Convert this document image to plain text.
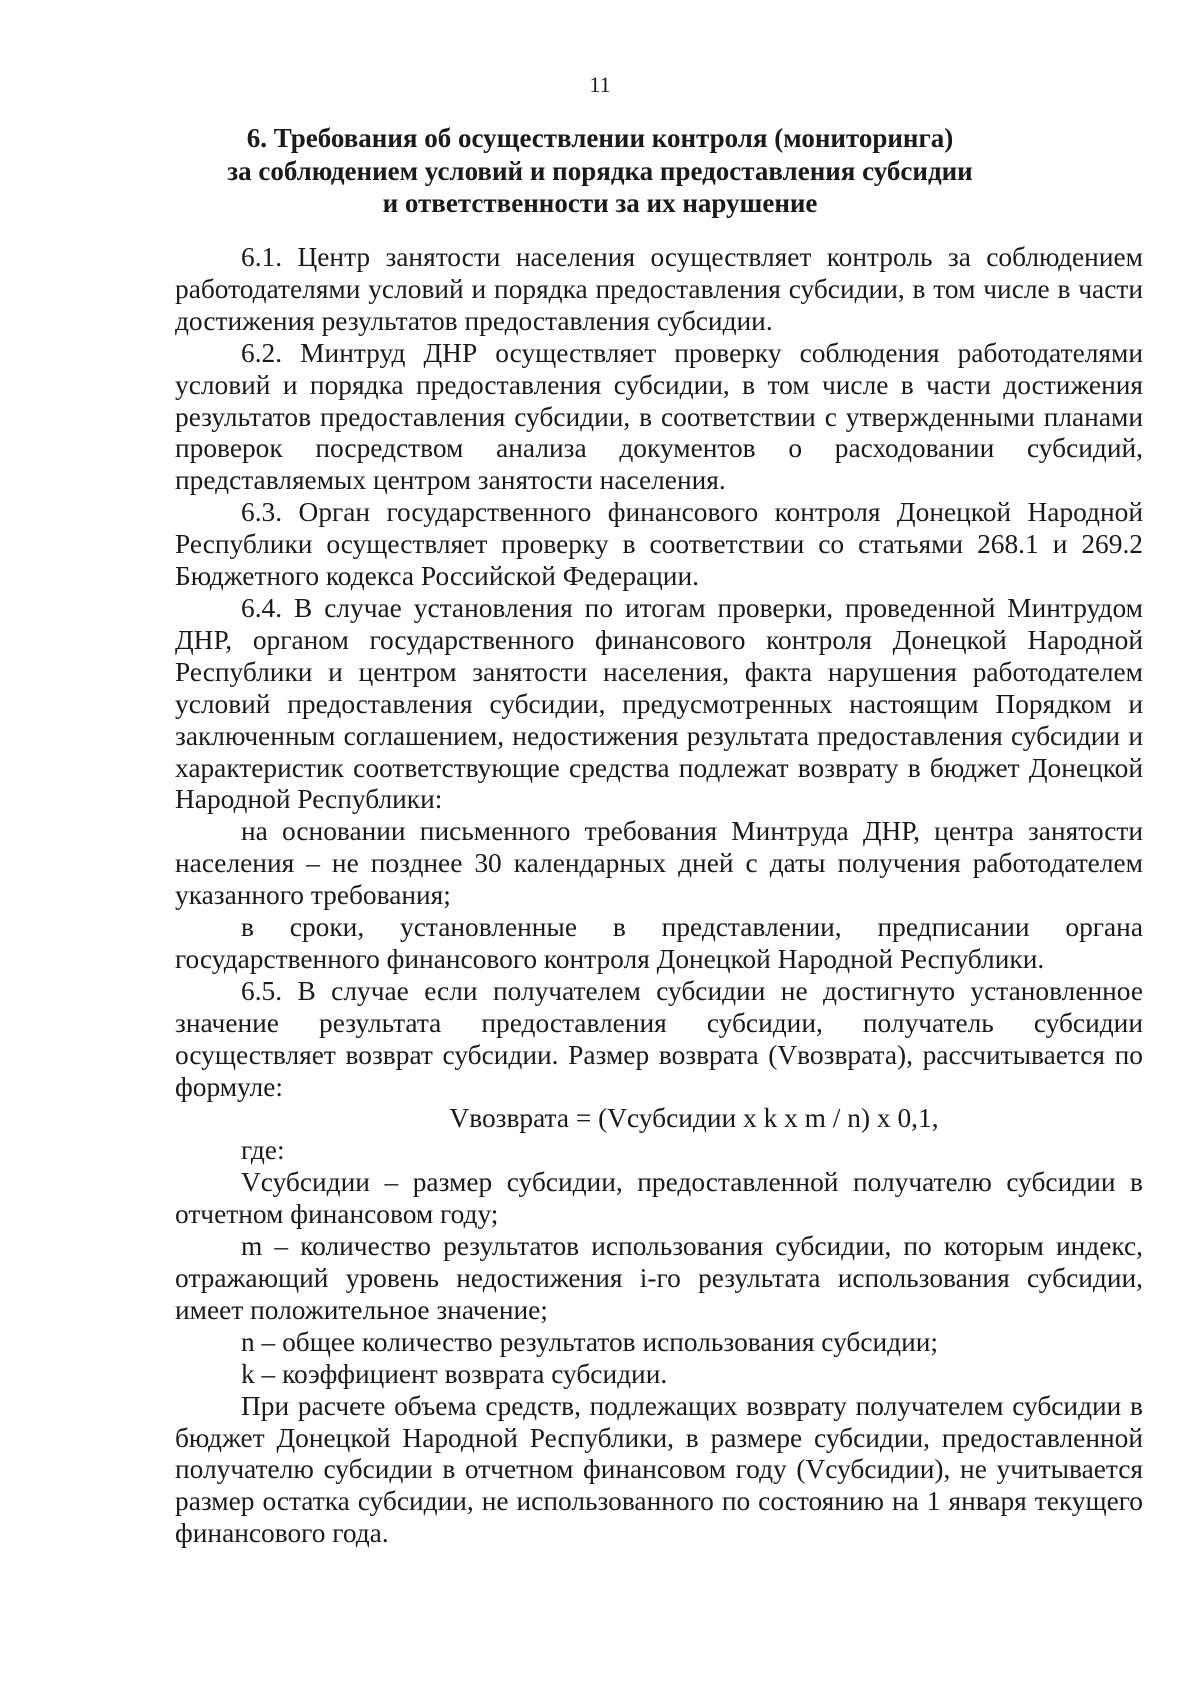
11
6. Требования об осуществлении контроля (мониторинга)
за соблюдением условий и порядка предоставления субсидии
и ответственности за их нарушение

6.1. Центр занятости населения осуществляет контроль за соблюдением работодателями условий и порядка предоставления субсидии, в том числе в части достижения результатов предоставления субсидии.

6.2. Минтруд ДНР осуществляет проверку соблюдения работодателями условий и порядка предоставления субсидии, в том числе в части достижения результатов предоставления субсидии, в соответствии с утвержденными планами проверок посредством анализа документов о расходовании субсидий, представляемых центром занятости населения.

6.3. Орган государственного финансового контроля Донецкой Народной Республики осуществляет проверку в соответствии со статьями 268.1 и 269.2 Бюджетного кодекса Российской Федерации.

6.4. В случае установления по итогам проверки, проведенной Минтрудом ДНР, органом государственного финансового контроля Донецкой Народной Республики и центром занятости населения, факта нарушения работодателем условий предоставления субсидии, предусмотренных настоящим Порядком и заключенным соглашением, недостижения результата предоставления субсидии и характеристик соответствующие средства подлежат возврату в бюджет Донецкой Народной Республики:

на основании письменного требования Минтруда ДНР, центра занятости населения – не позднее 30 календарных дней с даты получения работодателем указанного требования;

в сроки, установленные в представлении, предписании органа государственного финансового контроля Донецкой Народной Республики.

6.5. В случае если получателем субсидии не достигнуто установленное значение результата предоставления субсидии, получатель субсидии осуществляет возврат субсидии. Размер возврата (Vвозврата), рассчитывается по формуле:

Vвозврата = (Vсубсидии x k x m / n) x 0,1,

где:

Vсубсидии – размер субсидии, предоставленной получателю субсидии в отчетном финансовом году;

m – количество результатов использования субсидии, по которым индекс, отражающий уровень недостижения i-го результата использования субсидии, имеет положительное значение;

n – общее количество результатов использования субсидии;

k – коэффициент возврата субсидии.

При расчете объема средств, подлежащих возврату получателем субсидии в бюджет Донецкой Народной Республики, в размере субсидии, предоставленной получателю субсидии в отчетном финансовом году (Vсубсидии), не учитывается размер остатка субсидии, не использованного по состоянию на 1 января текущего финансового года.
